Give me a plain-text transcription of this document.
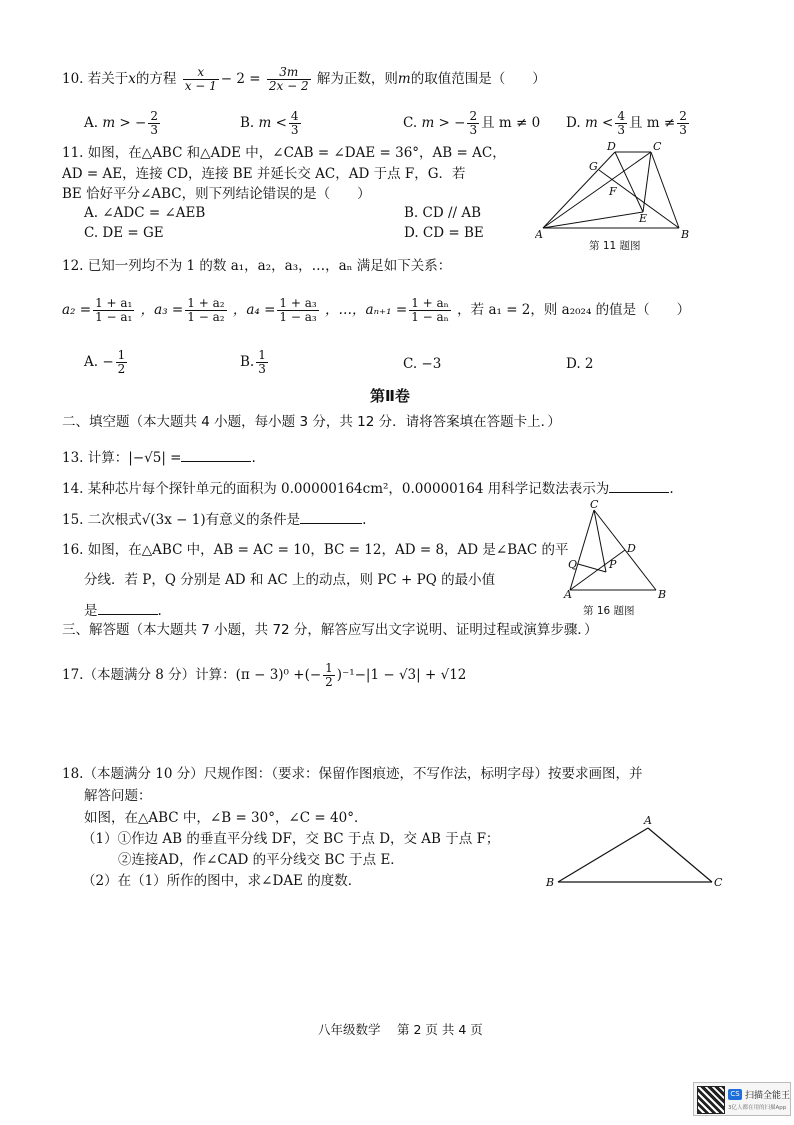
10. 若关于x的方程 $\frac{x}{x - 1} - 2 = \frac{3m}{2x - 2}$ 解为正数，则m的取值范围是（　　）
A. m > − $\frac{2}{3}$	B. $m < \frac{4}{3}$	C. m > − $\frac{2}{3}$ 且 m ≠ 0 D. $m < \frac{4}{3}$ 且 $m \ne \frac{2}{3}$
11. 如图，在△ABC 和△ADE 中，∠CAB = ∠DAE = 36°，AB = AC，
AD = AE，连接 CD，连接 BE 并延长交 AC，AD 于点 F，G．若
BE 恰好平分∠ABC，则下列结论错误的是（　　）
A. ∠ADC = ∠AEB	B. CD // AB
C. DE = GE	D. CD = BE	A	B
C
D
E
F
G
第 11 题图
12. 已知一列均不为 1 的数 a₁，a₂，a₃，…，aₙ 满足如下关系：
$a_2 = \frac{\text{1 + a₁}}{\text{1 − a₁}}$ ，$a_3 = \frac{\text{1 + a₂}}{\text{1 − a₂}}$ ，$a_4 = \frac{\text{1 + a₃}}{\text{1 − a₃}}$ ，…，$a_{n+1} = \frac{\text{1 + aₙ}}{\text{1 − aₙ}}$ ，若 a₁ = 2，则 a₂₀₂₄ 的值是（　　）
A. − $\frac{1}{2}$	B. $\frac{1}{3}$	C. −3	D. 2
第Ⅱ卷
二、填空题（本大题共 4 小题，每小题 3 分，共 12 分．请将答案填在答题卡上．）
13. 计算：|−√5| =	.
14. 某种芯片每个探针单元的面积为 0.00000164cm²，0.00000164 用科学记数法表示为	.
15. 二次根式√(3x − 1)有意义的条件是	.
16. 如图，在△ABC 中，AB = AC = 10，BC = 12，AD = 8，AD 是∠BAC 的平
分线．若 P，Q 分别是 AD 和 AC 上的动点，则 PC + PQ 的最小值
是	.
A	B
C
D
P
Q
第 16 题图
三、解答题（本大题共 7 小题，共 72 分，解答应写出文字说明、证明过程或演算步骤．）
17.（本题满分 8 分）计算：(π − 3)⁰ +(− $\frac{1}{2} )^{-1}-|1 - √3| + √12$
18.（本题满分 10 分）尺规作图：（要求：保留作图痕迹，不写作法，标明字母）按要求画图，并
解答问题：
如图，在△ABC 中，∠B = 30°，∠C = 40°．
（1）①作边 AB 的垂直平分线 DF，交 BC 于点 D，交 AB 于点 F；
②连接AD，作∠CAD 的平分线交 BC 于点 E．
（2）在（1）所作的图中，求∠DAE 的度数．
A
B	C
八年级数学　 第 2 页 共 4 页
CS 扫描全能王
3亿人都在用的扫描App
